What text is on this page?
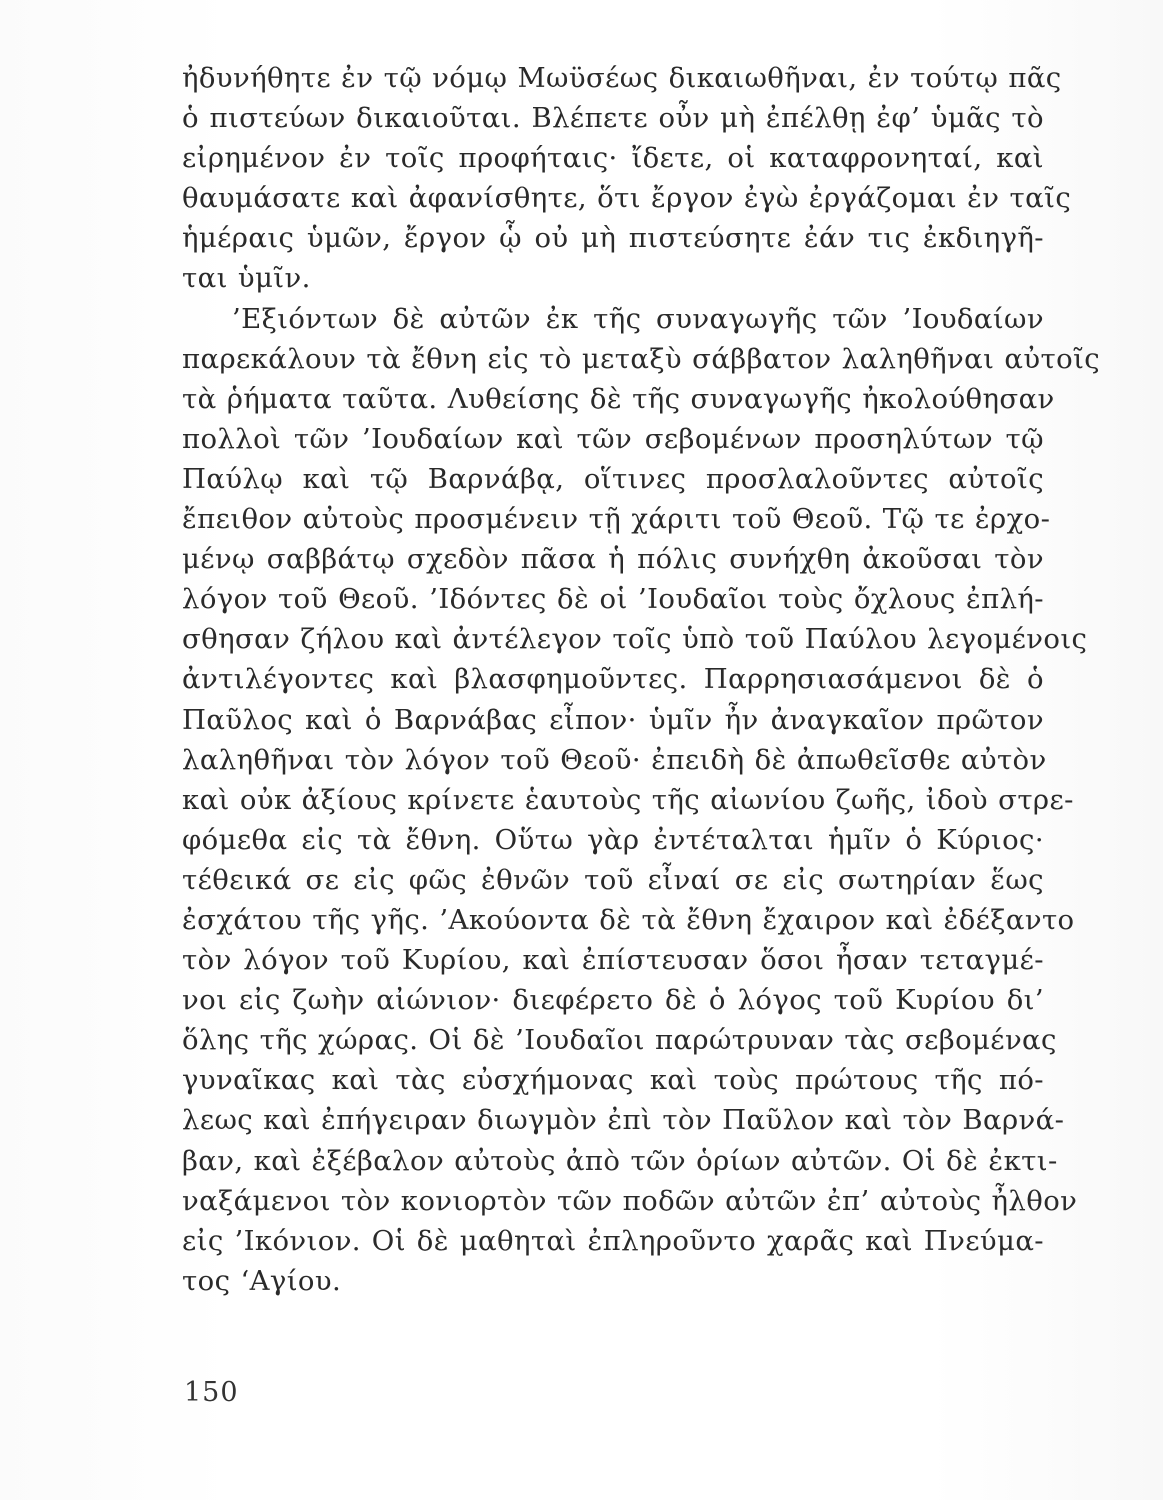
ἠδυνήθητε ἐν τῷ νόμῳ Μωϋσέως δικαιωθῆναι, ἐν τούτῳ πᾶς
ὁ πιστεύων δικαιοῦται. Βλέπετε οὖν μὴ ἐπέλθῃ ἐφ’ ὑμᾶς τὸ
εἰρημένον ἐν τοῖς προφήταις· ἴδετε, οἱ καταφρονηταί, καὶ
θαυμάσατε καὶ ἀφανίσθητε, ὅτι ἔργον ἐγὼ ἐργάζομαι ἐν ταῖς
ἡμέραις ὑμῶν, ἔργον ᾧ οὐ μὴ πιστεύσητε ἐάν τις ἐκδιηγῆ-
ται ὑμῖν.
’Εξιόντων δὲ αὐτῶν ἐκ τῆς συναγωγῆς τῶν ’Ιουδαίων
παρεκάλουν τὰ ἔθνη εἰς τὸ μεταξὺ σάββατον λαληθῆναι αὐτοῖς
τὰ ῥήματα ταῦτα. Λυθείσης δὲ τῆς συναγωγῆς ἠκολούθησαν
πολλοὶ τῶν ’Ιουδαίων καὶ τῶν σεβομένων προσηλύτων τῷ
Παύλῳ καὶ τῷ Βαρνάβᾳ, οἵτινες προσλαλοῦντες αὐτοῖς
ἔπειθον αὐτοὺς προσμένειν τῇ χάριτι τοῦ Θεοῦ. Τῷ τε ἐρχο-
μένῳ σαββάτῳ σχεδὸν πᾶσα ἡ πόλις συνήχθη ἀκοῦσαι τὸν
λόγον τοῦ Θεοῦ. ’Ιδόντες δὲ οἱ ’Ιουδαῖοι τοὺς ὄχλους ἐπλή-
σθησαν ζήλου καὶ ἀντέλεγον τοῖς ὑπὸ τοῦ Παύλου λεγομένοις
ἀντιλέγοντες καὶ βλασφημοῦντες. Παρρησιασάμενοι δὲ ὁ
Παῦλος καὶ ὁ Βαρνάβας εἶπον· ὑμῖν ἦν ἀναγκαῖον πρῶτον
λαληθῆναι τὸν λόγον τοῦ Θεοῦ· ἐπειδὴ δὲ ἀπωθεῖσθε αὐτὸν
καὶ οὐκ ἀξίους κρίνετε ἑαυτοὺς τῆς αἰωνίου ζωῆς, ἰδοὺ στρε-
φόμεθα εἰς τὰ ἔθνη. Οὕτω γὰρ ἐντέταλται ἡμῖν ὁ Κύριος·
τέθεικά σε εἰς φῶς ἐθνῶν τοῦ εἶναί σε εἰς σωτηρίαν ἕως
ἐσχάτου τῆς γῆς. ’Ακούοντα δὲ τὰ ἔθνη ἔχαιρον καὶ ἐδέξαντο
τὸν λόγον τοῦ Κυρίου, καὶ ἐπίστευσαν ὅσοι ἦσαν τεταγμέ-
νοι εἰς ζωὴν αἰώνιον· διεφέρετο δὲ ὁ λόγος τοῦ Κυρίου δι’
ὅλης τῆς χώρας. Οἱ δὲ ’Ιουδαῖοι παρώτρυναν τὰς σεβομένας
γυναῖκας καὶ τὰς εὐσχήμονας καὶ τοὺς πρώτους τῆς πό-
λεως καὶ ἐπήγειραν διωγμὸν ἐπὶ τὸν Παῦλον καὶ τὸν Βαρνά-
βαν, καὶ ἐξέβαλον αὐτοὺς ἀπὸ τῶν ὁρίων αὐτῶν. Οἱ δὲ ἐκτι-
ναξάμενοι τὸν κονιορτὸν τῶν ποδῶν αὐτῶν ἐπ’ αὐτοὺς ἦλθον
εἰς ’Ικόνιον. Οἱ δὲ μαθηταὶ ἐπληροῦντο χαρᾶς καὶ Πνεύμα-
τος ‘Αγίου.
150
